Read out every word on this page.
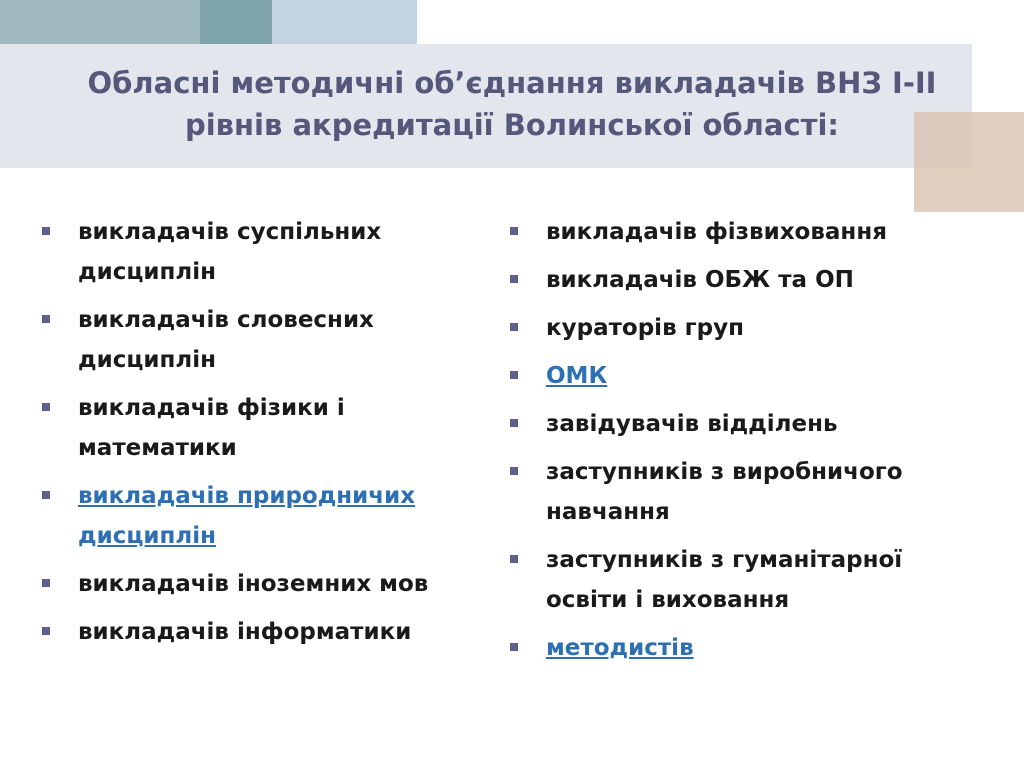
Обласні методичні об’єднання викладачів ВНЗ І-ІІ рівнів акредитації Волинської області:
викладачів суспільних дисциплін
викладачів словесних дисциплін
викладачів фізики і математики
викладачів природничих дисциплін
викладачів іноземних мов
викладачів інформатики
викладачів фізвиховання
викладачів ОБЖ та ОП
кураторів груп
ОМК
завідувачів відділень
заступників з виробничого навчання
заступників з гуманітарної освіти і виховання
методистів
